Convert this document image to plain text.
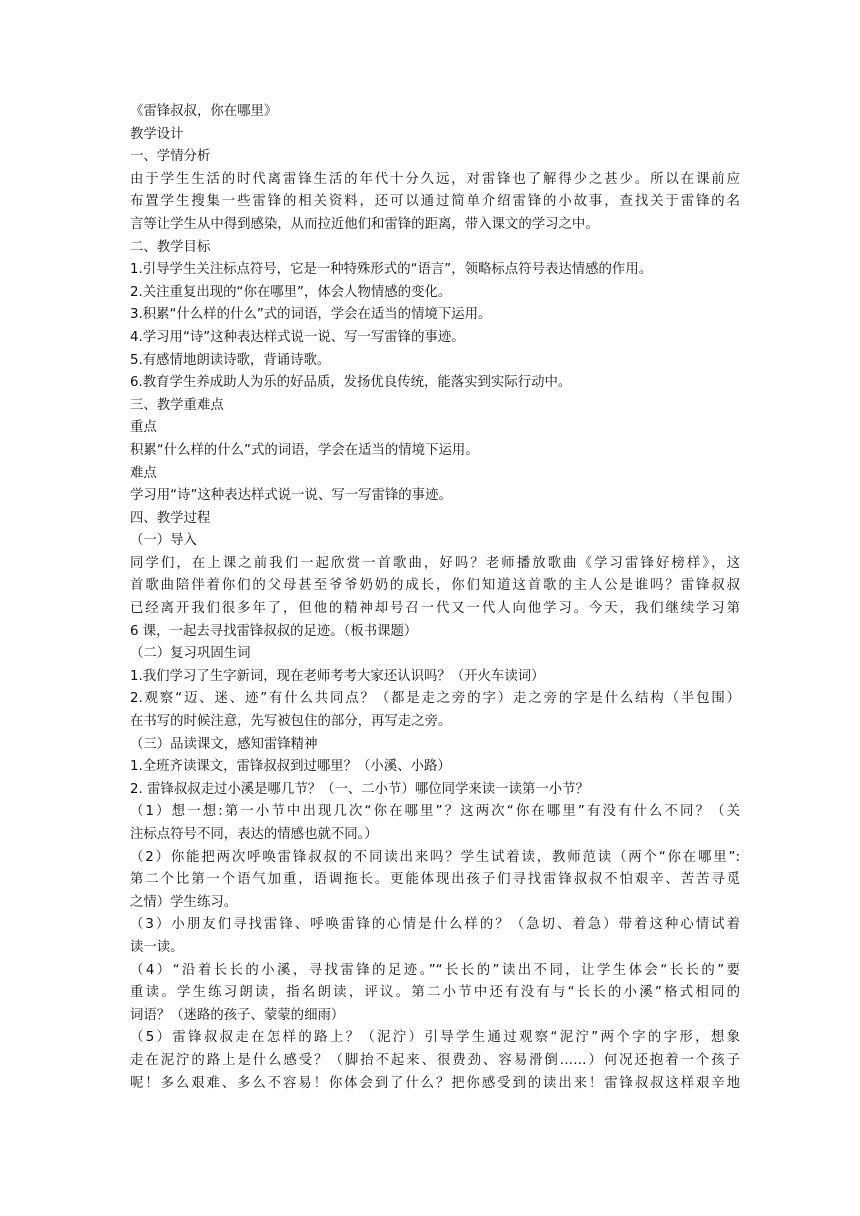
《雷锋叔叔，你在哪里》
教学设计
一、学情分析
由于学生生活的时代离雷锋生活的年代十分久远，对雷锋也了解得少之甚少。所以在课前应
布置学生搜集一些雷锋的相关资料，还可以通过简单介绍雷锋的小故事，查找关于雷锋的名
言等让学生从中得到感染，从而拉近他们和雷锋的距离，带入课文的学习之中。
二、教学目标
1.引导学生关注标点符号，它是一种特殊形式的“语言”，领略标点符号表达情感的作用。
2.关注重复出现的“你在哪里”，体会人物情感的变化。
3.积累“什么样的什么”式的词语，学会在适当的情境下运用。
4.学习用“诗”这种表达样式说一说、写一写雷锋的事迹。
5.有感情地朗读诗歌，背诵诗歌。
6.教育学生养成助人为乐的好品质，发扬优良传统，能落实到实际行动中。
三、教学重难点
重点
积累“什么样的什么”式的词语，学会在适当的情境下运用。
难点
学习用“诗”这种表达样式说一说、写一写雷锋的事迹。
四、教学过程
（一）导入
同学们，在上课之前我们一起欣赏一首歌曲，好吗？老师播放歌曲《学习雷锋好榜样》，这
首歌曲陪伴着你们的父母甚至爷爷奶奶的成长，你们知道这首歌的主人公是谁吗？雷锋叔叔
已经离开我们很多年了，但他的精神却号召一代又一代人向他学习。今天，我们继续学习第
6 课，一起去寻找雷锋叔叔的足迹。（板书课题）
（二）复习巩固生词
1.我们学习了生字新词，现在老师考考大家还认识吗？（开火车读词）
2.观察“迈、迷、迹”有什么共同点？（都是走之旁的字）走之旁的字是什么结构（半包围）
在书写的时候注意，先写被包住的部分，再写走之旁。
（三）品读课文，感知雷锋精神
1.全班齐读课文，雷锋叔叔到过哪里？（小溪、小路）
2. 雷锋叔叔走过小溪是哪几节？（一、二小节）哪位同学来读一读第一小节？
（1）想一想:第一小节中出现几次“你在哪里”？这两次“你在哪里”有没有什么不同？（关
注标点符号不同，表达的情感也就不同。）
（2）你能把两次呼唤雷锋叔叔的不同读出来吗？学生试着读，教师范读（两个“你在哪里”:
第二个比第一个语气加重，语调拖长。更能体现出孩子们寻找雷锋叔叔不怕艰辛、苦苦寻觅
之情）学生练习。
（3）小朋友们寻找雷锋、呼唤雷锋的心情是什么样的？（急切、着急）带着这种心情试着
读一读。
（4）“沿着长长的小溪，寻找雷锋的足迹。”“长长的”读出不同，让学生体会“长长的”要
重读。学生练习朗读，指名朗读，评议。第二小节中还有没有与“长长的小溪”格式相同的
词语？（迷路的孩子、蒙蒙的细雨）
（5）雷锋叔叔走在怎样的路上？（泥泞）引导学生通过观察“泥泞”两个字的字形，想象
走在泥泞的路上是什么感受？（脚抬不起来、很费劲、容易滑倒……）何况还抱着一个孩子
呢！多么艰难、多么不容易！你体会到了什么？把你感受到的读出来！雷锋叔叔这样艰辛地
